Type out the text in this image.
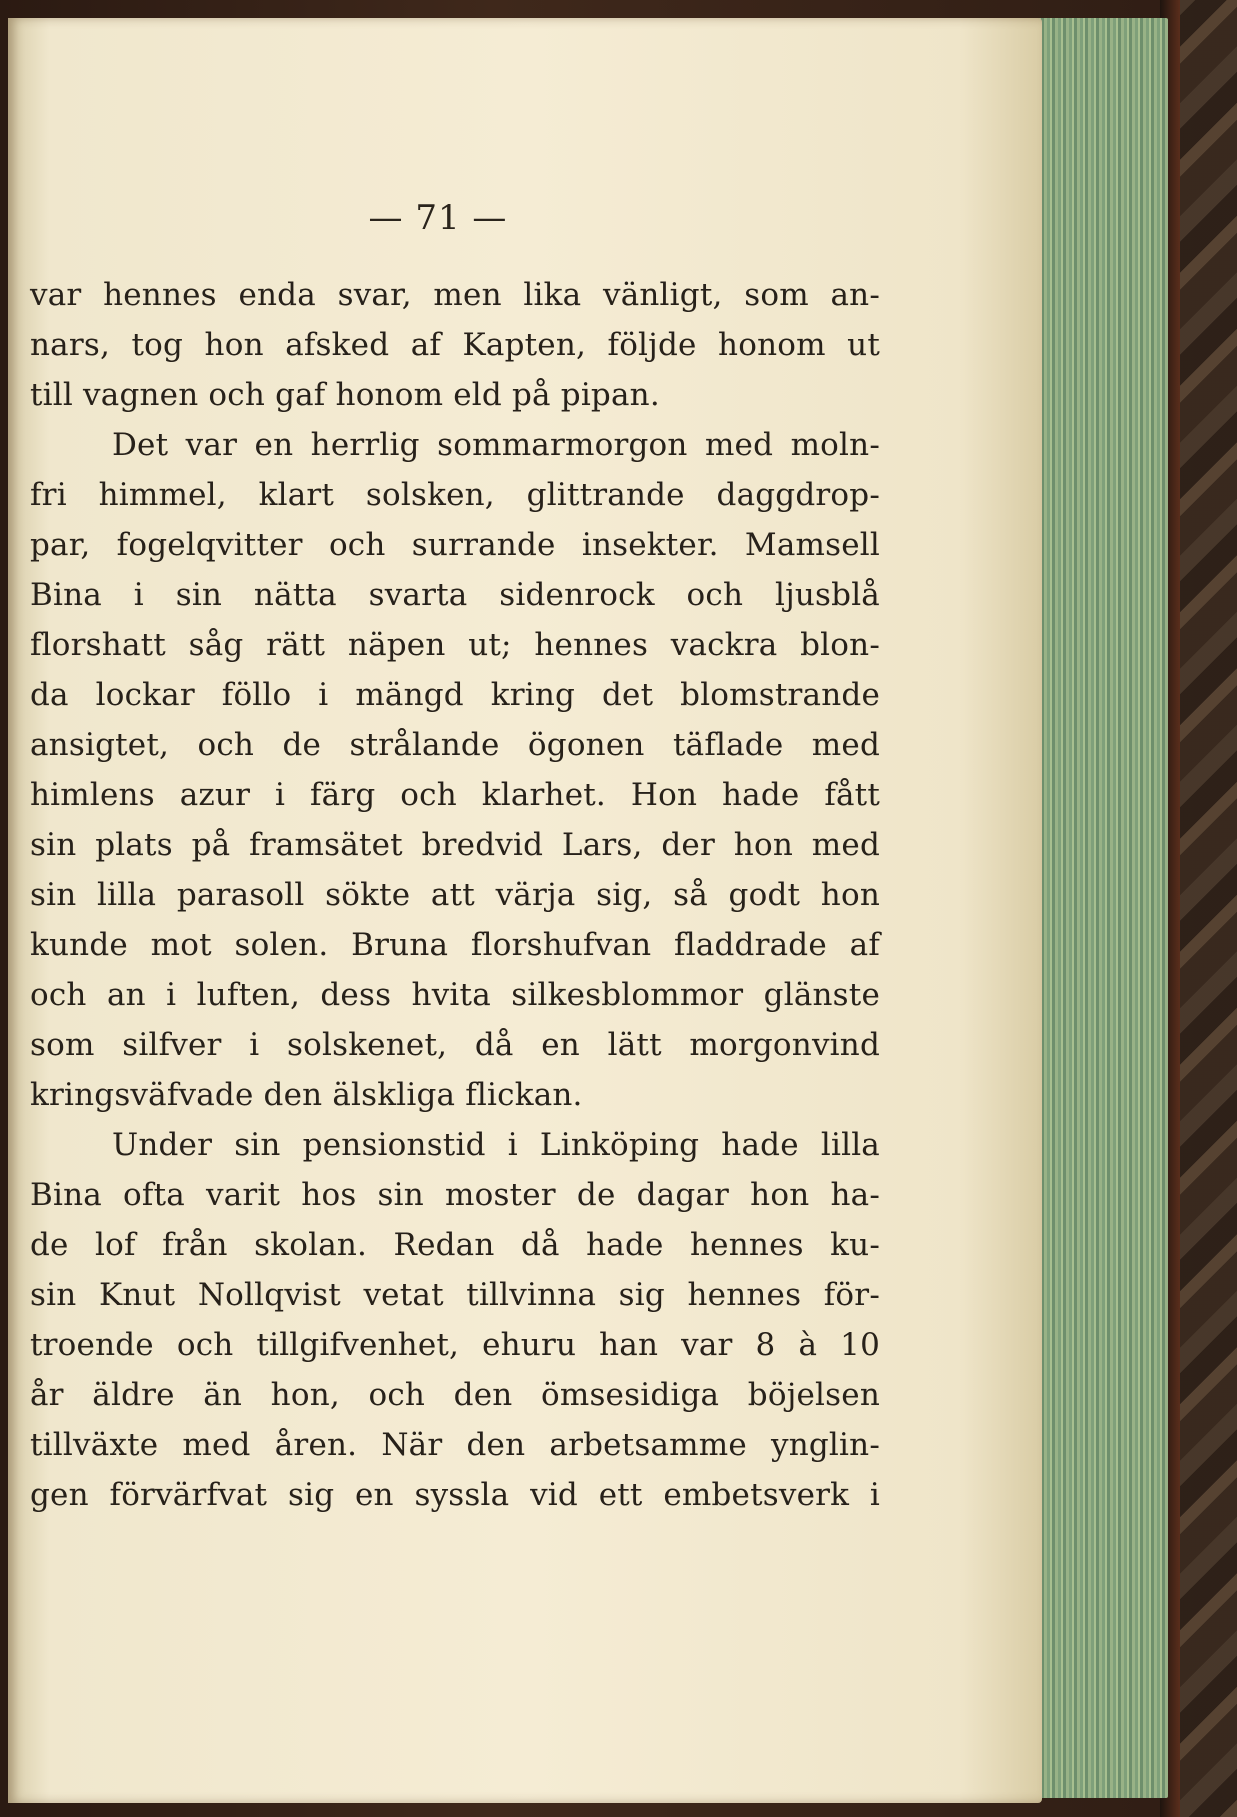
— 71 —
var hennes enda svar, men lika vänligt, som an-
nars, tog hon afsked af Kapten, följde honom ut
till vagnen och gaf honom eld på pipan.
Det var en herrlig sommarmorgon med moln-
fri himmel, klart solsken, glittrande daggdrop-
par, fogelqvitter och surrande insekter. Mamsell
Bina i sin nätta svarta sidenrock och ljusblå
florshatt såg rätt näpen ut; hennes vackra blon-
da lockar föllo i mängd kring det blomstrande
ansigtet, och de strålande ögonen täflade med
himlens azur i färg och klarhet. Hon hade fått
sin plats på framsätet bredvid Lars, der hon med
sin lilla parasoll sökte att värja sig, så godt hon
kunde mot solen. Bruna florshufvan fladdrade af
och an i luften, dess hvita silkesblommor glänste
som silfver i solskenet, då en lätt morgonvind
kringsväfvade den älskliga flickan.
Under sin pensionstid i Linköping hade lilla
Bina ofta varit hos sin moster de dagar hon ha-
de lof från skolan. Redan då hade hennes ku-
sin Knut Nollqvist vetat tillvinna sig hennes för-
troende och tillgifvenhet, ehuru han var 8 à 10
år äldre än hon, och den ömsesidiga böjelsen
tillväxte med åren. När den arbetsamme ynglin-
gen förvärfvat sig en syssla vid ett embetsverk i
